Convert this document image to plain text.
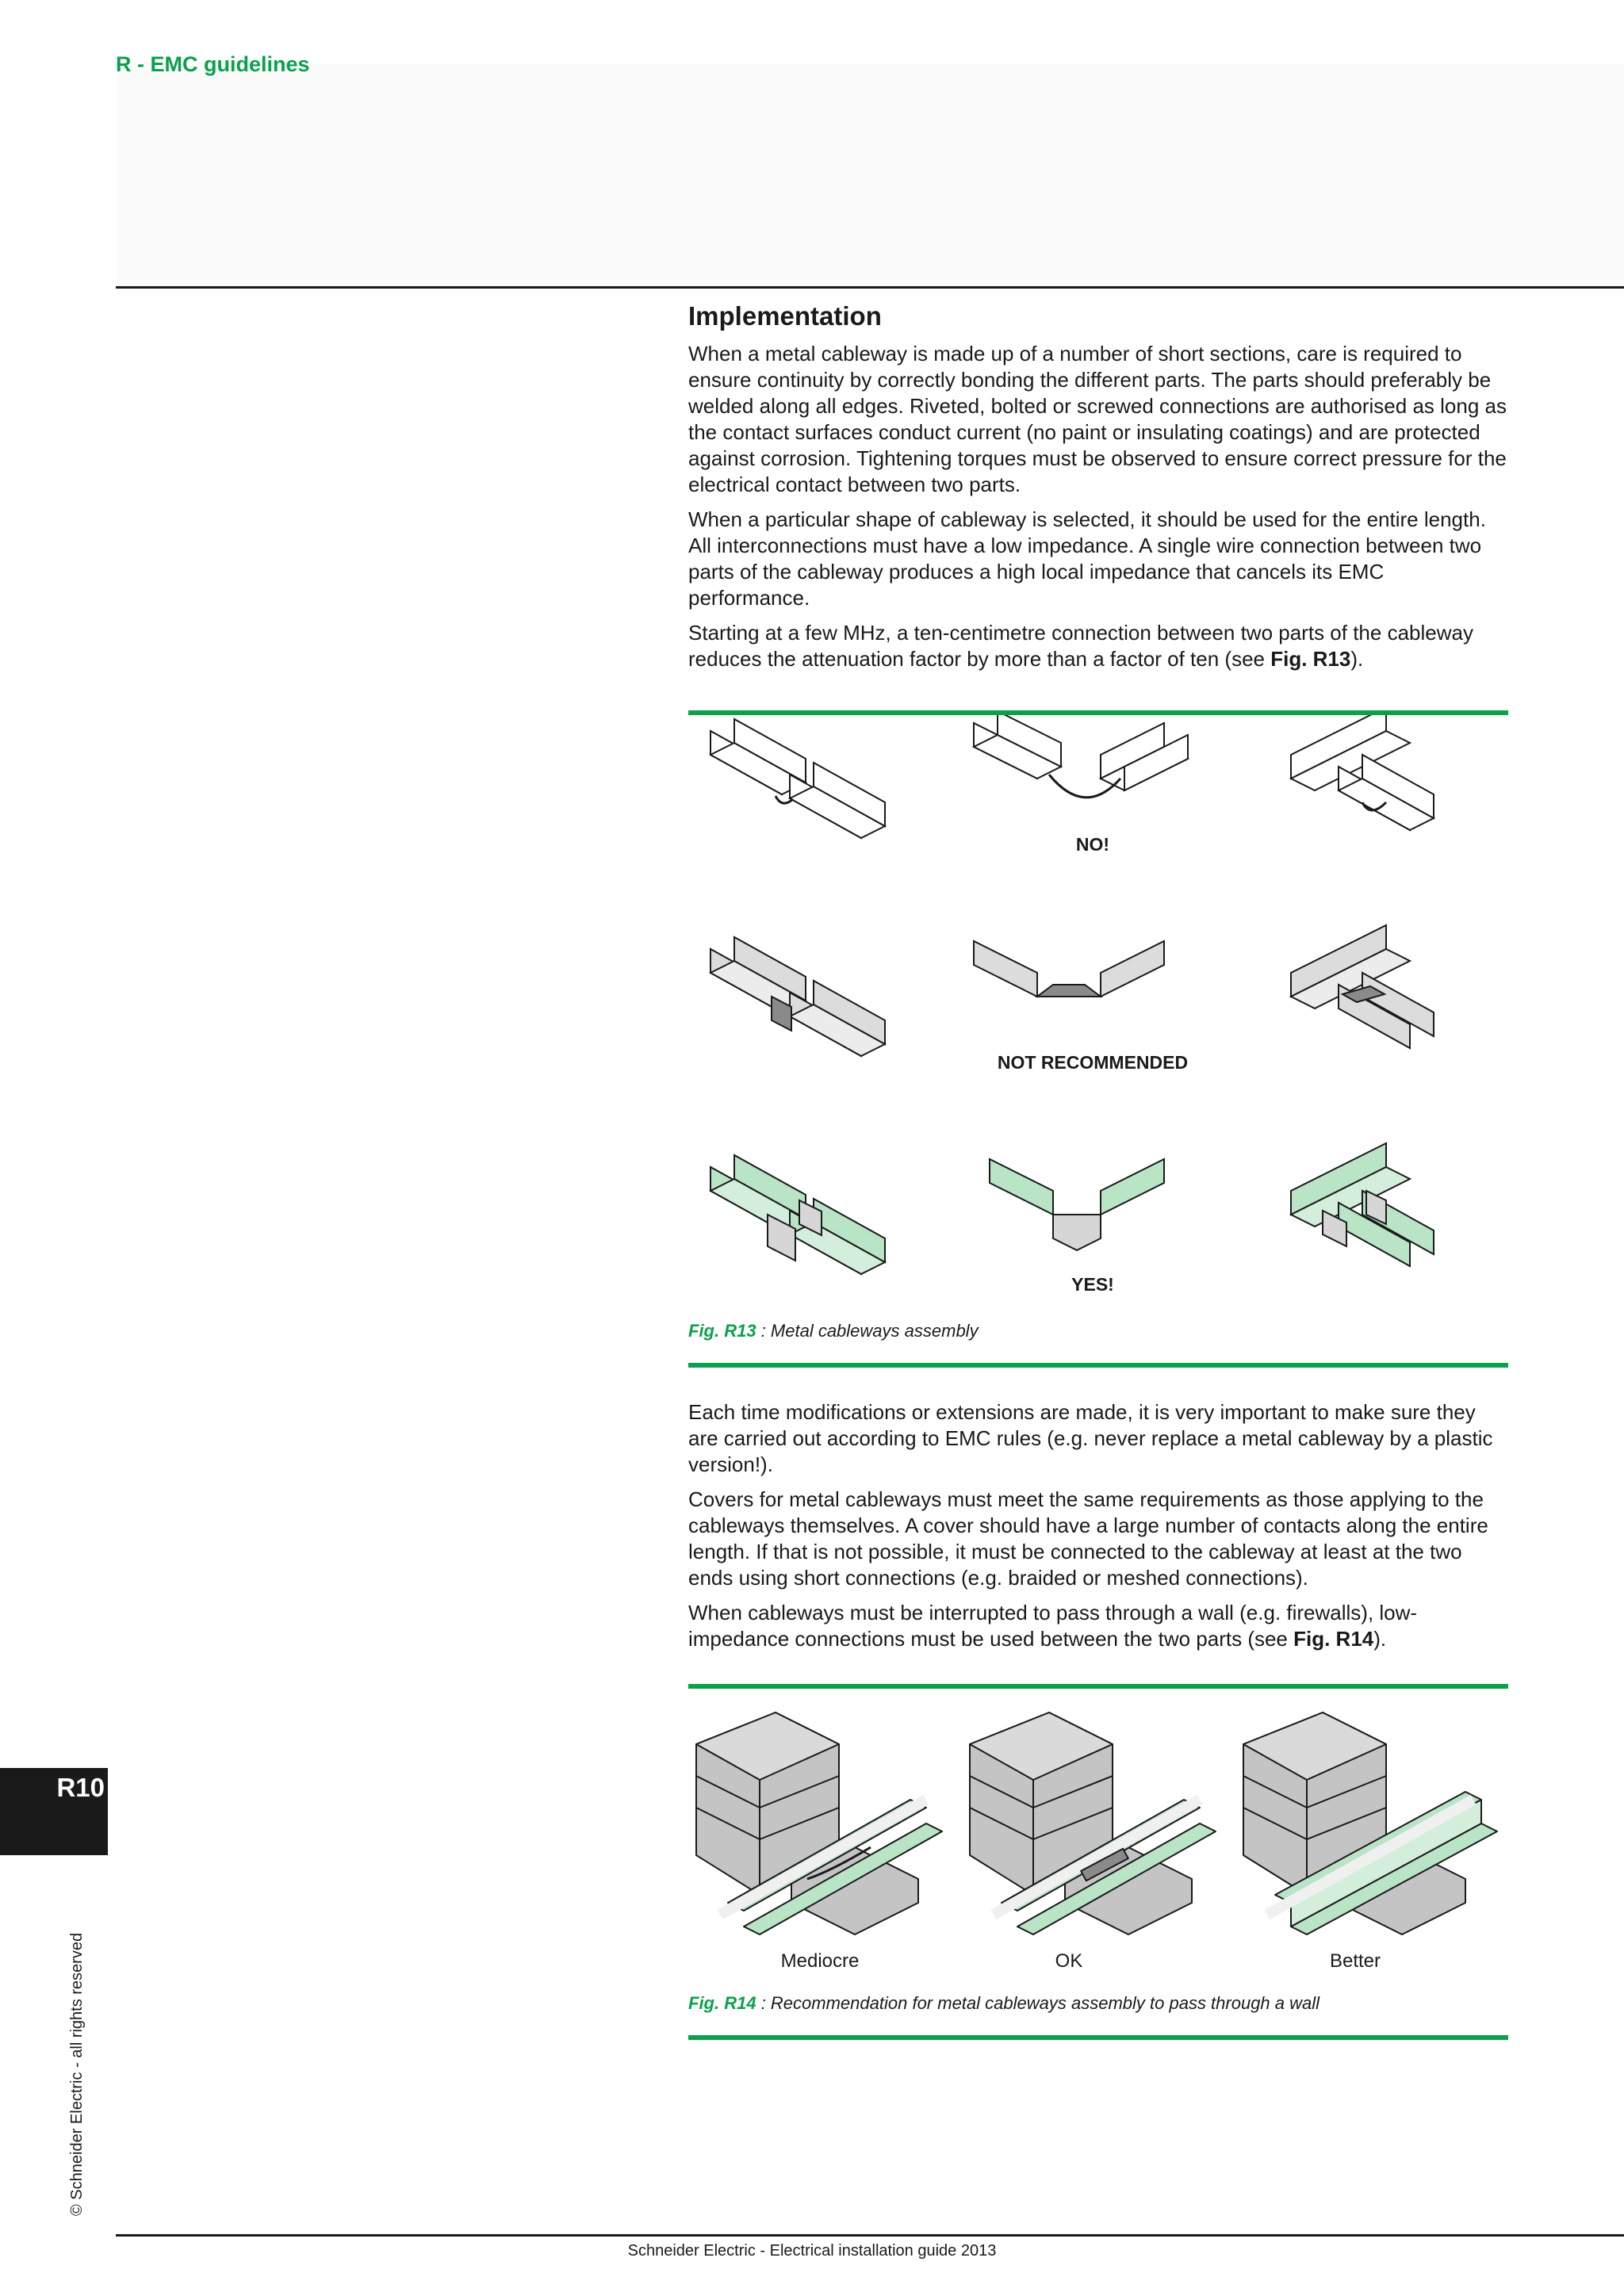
R - EMC guidelines
R10
© Schneider Electric - all rights reserved
Implementation

When a metal cableway is made up of a number of short sections, care is required to ensure continuity by correctly bonding the different parts. The parts should preferably be welded along all edges. Riveted, bolted or screwed connections are authorised as long as the contact surfaces conduct current (no paint or insulating coatings) and are protected against corrosion. Tightening torques must be observed to ensure correct pressure for the electrical contact between two parts.

When a particular shape of cableway is selected, it should be used for the entire length. All interconnections must have a low impedance. A single wire connection between two parts of the cableway produces a high local impedance that cancels its EMC performance.

Starting at a few MHz, a ten-centimetre connection between two parts of the cableway reduces the attenuation factor by more than a factor of ten (see Fig. R13).

NO!
NOT RECOMMENDED
YES!

Fig. R13 : Metal cableways assembly

Each time modifications or extensions are made, it is very important to make sure they are carried out according to EMC rules (e.g. never replace a metal cableway by a plastic version!).

Covers for metal cableways must meet the same requirements as those applying to the cableways themselves. A cover should have a large number of contacts along the entire length. If that is not possible, it must be connected to the cableway at least at the two ends using short connections (e.g. braided or meshed connections).

When cableways must be interrupted to pass through a wall (e.g. firewalls), low-impedance connections must be used between the two parts (see Fig. R14).

Mediocre	OK	Better

Fig. R14 : Recommendation for metal cableways assembly to pass through a wall

Schneider Electric - Electrical installation guide 2013
